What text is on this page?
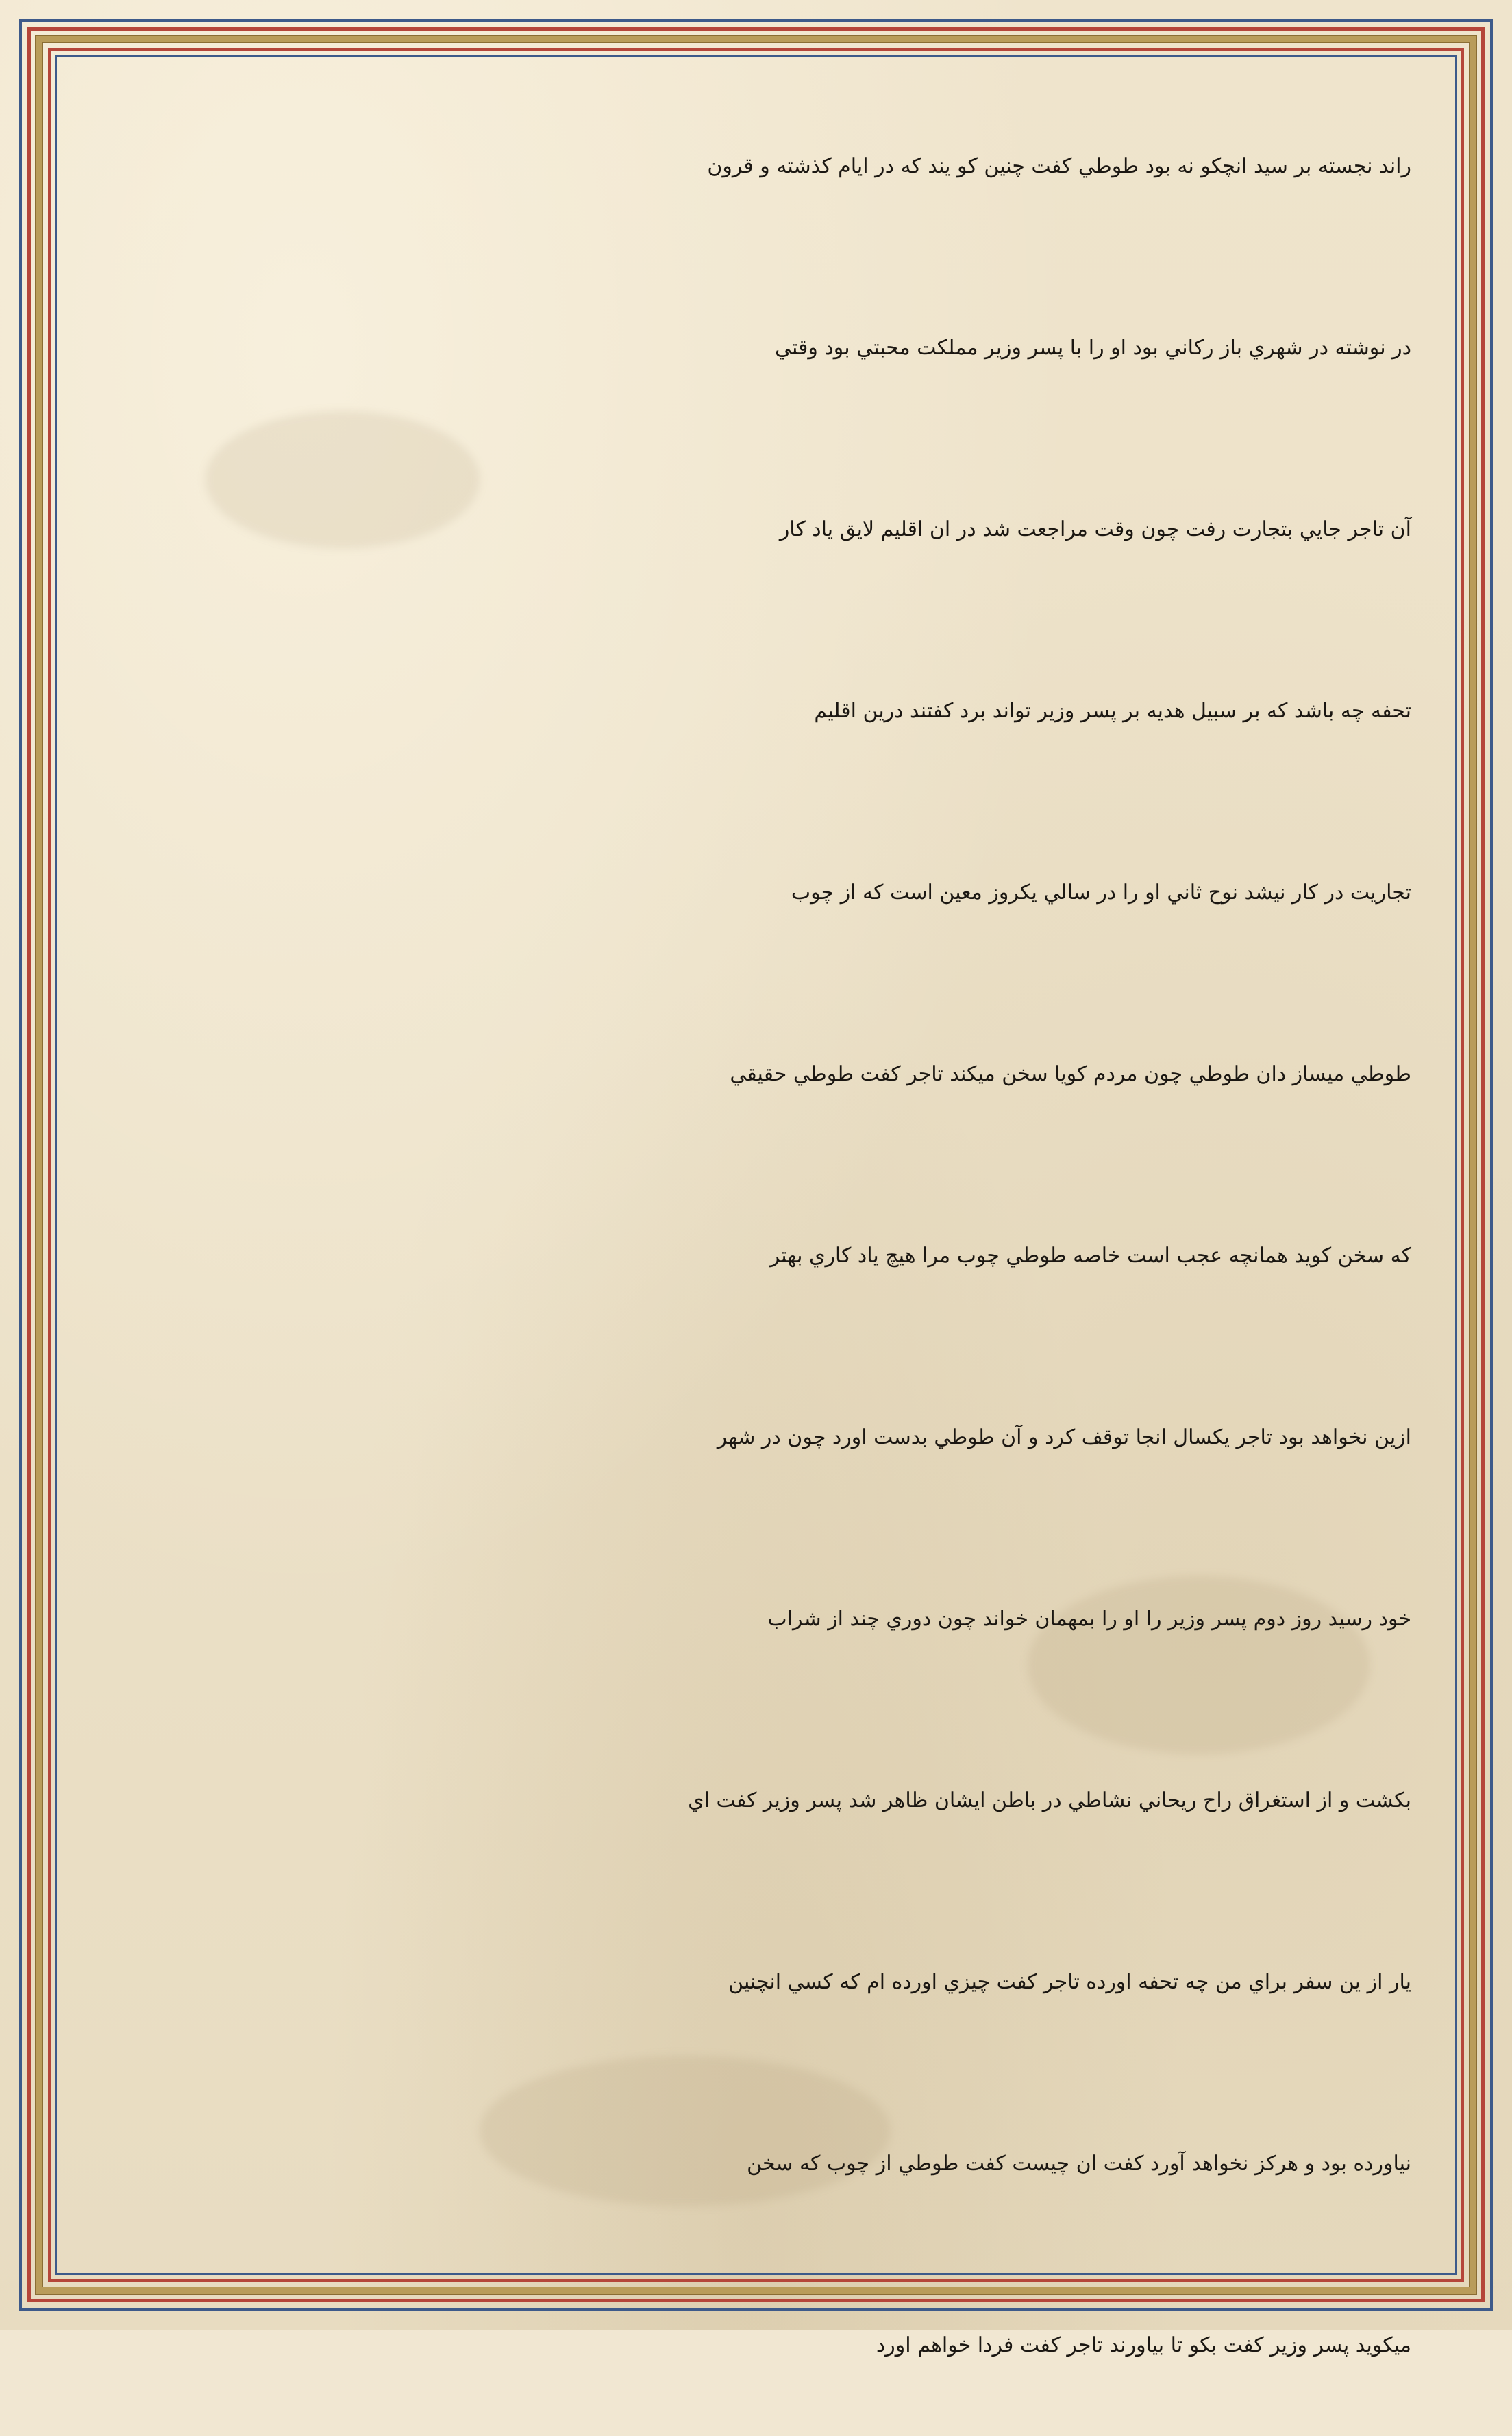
راند نجسته بر سید انچکو نه بود طوطي کفت چنین کو یند که در ایام کذشته و قرون
در نوشته در شهري باز رکاني بود او را با پسر وزیر مملکت محبتي بود وقتي
آن تاجر جایي بتجارت رفت چون وقت مراجعت شد در ان اقلیم لایق یاد کار
تحفه چه باشد که بر سبیل هدیه بر پسر وزیر تواند برد کفتند درین اقلیم
تجاریت در کار نیشد نوح ثاني او را در سالي یکروز معین است که از چوب
طوطي میساز دان طوطي چون مردم کویا سخن میکند تاجر کفت طوطي حقیقي
که سخن کوید همانچه عجب است خاصه طوطي چوب مرا هیچ یاد کاري بهتر
ازین نخواهد بود تاجر یکسال انجا توقف کرد و آن طوطي بدست اورد چون در شهر
خود رسید روز دوم پسر وزیر را او را بمهمان خواند چون دوري چند از شراب
بکشت و از استغراق راح ریحاني نشاطي در باطن ایشان ظاهر شد پسر وزیر کفت اي
یار از ین سفر براي من چه تحفه اورده تاجر کفت چیزي اورده ام که کسي انچنین
نیاورده بود و هرکز نخواهد آورد کفت ان چیست کفت طوطي از چوب که سخن
میکوید پسر وزیر کفت بکو تا بیاورند تاجر کفت فردا خواهم اورد
